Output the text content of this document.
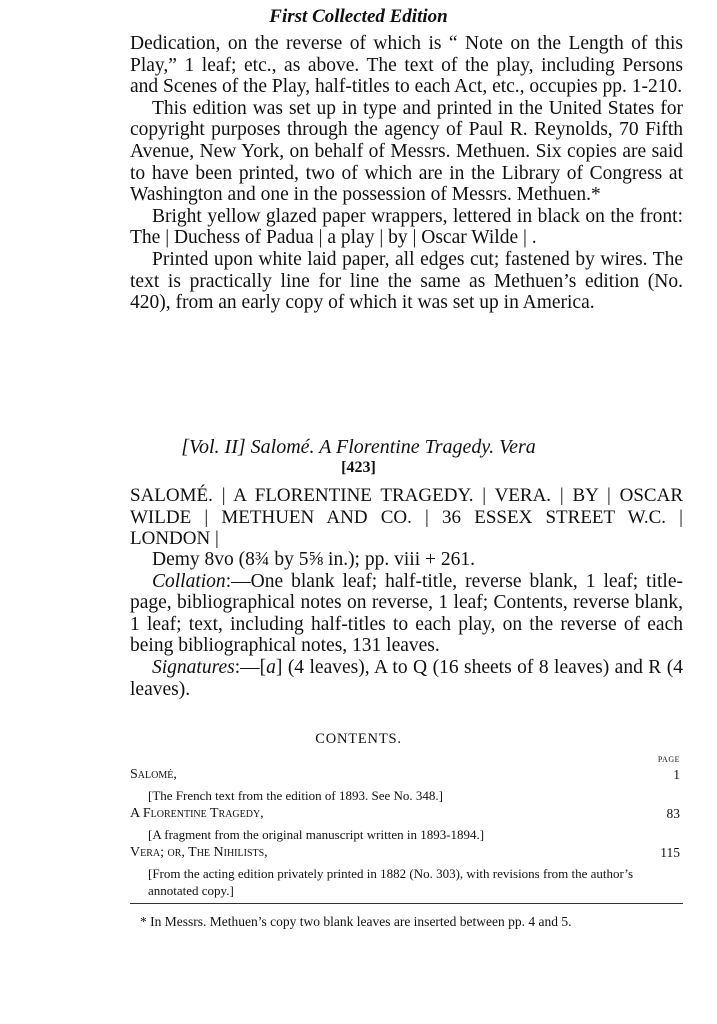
First Collected Edition

Dedication, on the reverse of which is “ Note on the Length of this Play,” 1 leaf; etc., as above. The text of the play, including Persons and Scenes of the Play, half-titles to each Act, etc., occupies pp. 1-210.

This edition was set up in type and printed in the United States for copyright purposes through the agency of Paul R. Reynolds, 70 Fifth Avenue, New York, on behalf of Messrs. Methuen. Six copies are said to have been printed, two of which are in the Library of Congress at Washington and one in the possession of Messrs. Methuen.*

Bright yellow glazed paper wrappers, lettered in black on the front: The | Duchess of Padua | a play | by | Oscar Wilde | .

Printed upon white laid paper, all edges cut; fastened by wires. The text is practically line for line the same as Methuen’s edition (No. 420), from an early copy of which it was set up in America.

[Vol. II] Salomé. A Florentine Tragedy. Vera
[423]
SALOMÉ. | A FLORENTINE TRAGEDY. | VERA. | BY | OSCAR WILDE | METHUEN AND CO. | 36 ESSEX STREET W.C. | LONDON |

Demy 8vo (8¾ by 5⅝ in.); pp. viii + 261.

Collation:—One blank leaf; half-title, reverse blank, 1 leaf; title-page, bibliographical notes on reverse, 1 leaf; Contents, reverse blank, 1 leaf; text, including half-titles to each play, on the reverse of each being bibliographical notes, 131 leaves.

Signatures:—[a] (4 leaves), A to Q (16 sheets of 8 leaves) and R (4 leaves).

CONTENTS.
PAGE
Salomé,	1
[The French text from the edition of 1893. See No. 348.]
A Florentine Tragedy,	83
[A fragment from the original manuscript written in 1893-1894.]
Vera; or, The Nihilists,	115
[From the acting edition privately printed in 1882 (No. 303), with revisions from the author’s annotated copy.]
* In Messrs. Methuen’s copy two blank leaves are inserted between pp. 4 and 5.
